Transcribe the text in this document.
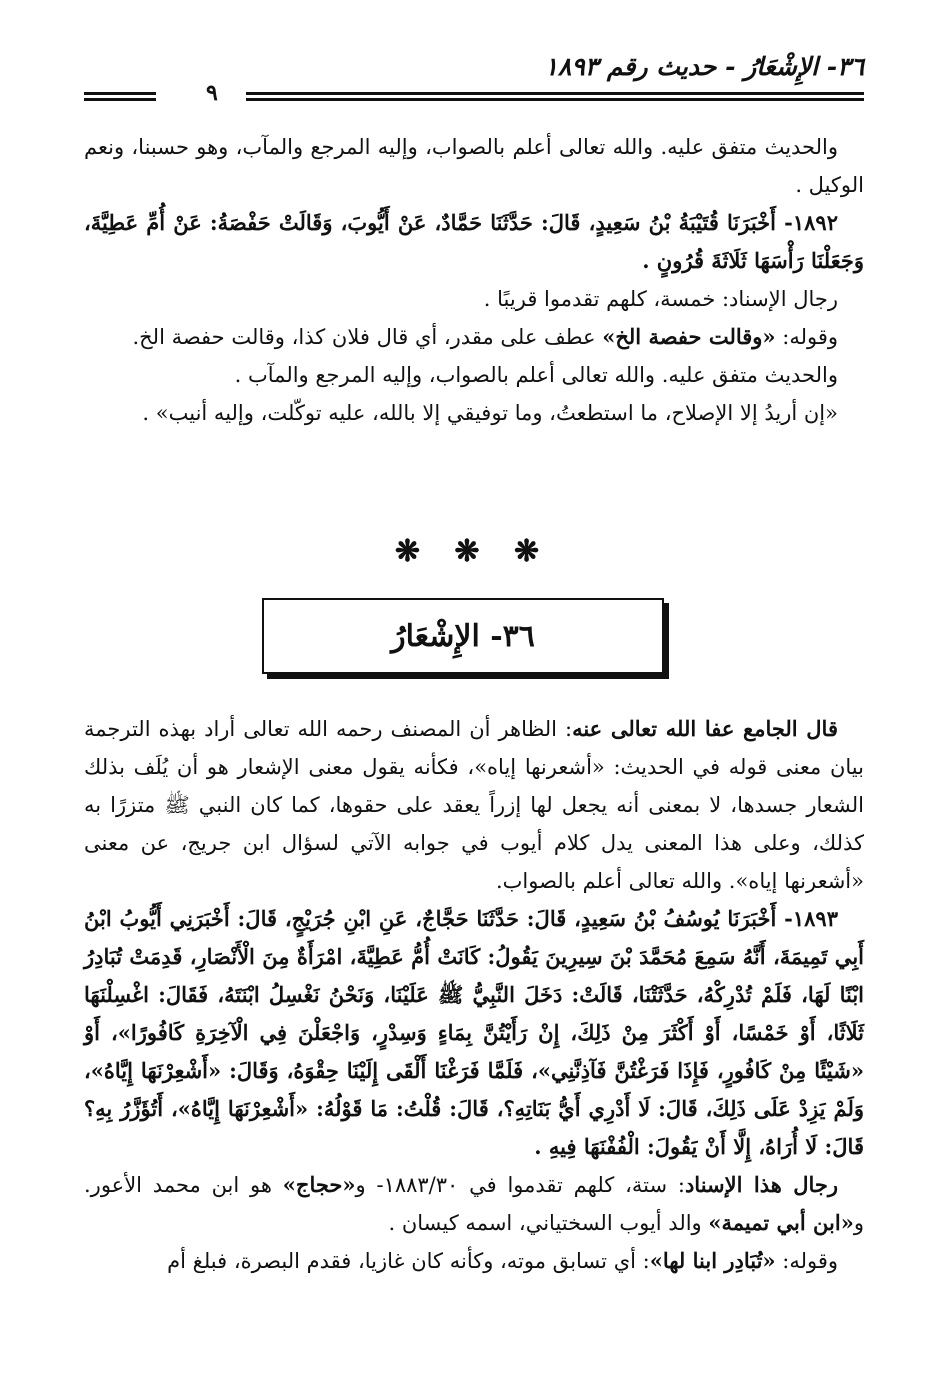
٣٦- الإِشْعَارُ - حديث رقم ١٨٩٣
٩

والحديث متفق عليه. والله تعالى أعلم بالصواب، وإليه المرجع والمآب، وهو حسبنا، ونعم الوكيل .

١٨٩٢- أَخْبَرَنَا قُتَيْبَةُ بْنُ سَعِيدٍ، قَالَ: حَدَّثَنَا حَمَّادٌ، عَنْ أَيُّوبَ، وَقَالَتْ حَفْصَةُ: عَنْ أُمِّ عَطِيَّةَ، وَجَعَلْنَا رَأْسَهَا ثَلَاثَةَ قُرُونٍ .

رجال الإسناد: خمسة، كلهم تقدموا قريبًا .

وقوله: «وقالت حفصة الخ» عطف على مقدر، أي قال فلان كذا، وقالت حفصة الخ.

والحديث متفق عليه. والله تعالى أعلم بالصواب، وإليه المرجع والمآب .

«إن أريدُ إلا الإصلاح، ما استطعتُ، وما توفيقي إلا بالله، عليه توكّلت، وإليه أنيب» .

❋ ❋ ❋
٣٦- الإِشْعَارُ

قال الجامع عفا الله تعالى عنه: الظاهر أن المصنف رحمه الله تعالى أراد بهذه الترجمة بيان معنى قوله في الحديث: «أشعرنها إياه»، فكأنه يقول معنى الإشعار هو أن يُلَف بذلك الشعار جسدها، لا بمعنى أنه يجعل لها إزراً يعقد على حقوها، كما كان النبي ﷺ متزرًا به كذلك، وعلى هذا المعنى يدل كلام أيوب في جوابه الآتي لسؤال ابن جريج، عن معنى «أشعرنها إياه». والله تعالى أعلم بالصواب.

١٨٩٣- أَخْبَرَنَا يُوسُفُ بْنُ سَعِيدٍ، قَالَ: حَدَّثَنَا حَجَّاجٌ، عَنِ ابْنِ جُرَيْجٍ، قَالَ: أَخْبَرَنِي أَيُّوبُ ابْنُ أَبِي تَمِيمَةَ، أَنَّهُ سَمِعَ مُحَمَّدَ بْنَ سِيرِينَ يَقُولُ: كَانَتْ أُمُّ عَطِيَّةَ، امْرَأَةٌ مِنَ الْأَنْصَارِ، قَدِمَتْ تُبَادِرُ ابْنًا لَهَا، فَلَمْ تُدْرِكْهُ، حَدَّثَتْنَا، قَالَتْ: دَخَلَ النَّبِيُّ ﷺ عَلَيْنَا، وَنَحْنُ نَغْسِلُ ابْنَتَهُ، فَقَالَ: اغْسِلْنَهَا ثَلَاثًا، أَوْ خَمْسًا، أَوْ أَكْثَرَ مِنْ ذَلِكَ، إِنْ رَأَيْتُنَّ بِمَاءٍ وَسِدْرٍ، وَاجْعَلْنَ فِي الْآخِرَةِ كَافُورًا»، أَوْ «شَيْئًا مِنْ كَافُورٍ، فَإِذَا فَرَغْتُنَّ فَآذِنَّنِي»، فَلَمَّا فَرَغْنَا أَلْقَى إِلَيْنَا حِقْوَهُ، وَقَالَ: «أَشْعِرْنَهَا إِيَّاهُ»، وَلَمْ يَزِدْ عَلَى ذَلِكَ، قَالَ: لَا أَدْرِي أَيُّ بَنَاتِهِ؟، قَالَ: قُلْتُ: مَا قَوْلُهُ: «أَشْعِرْنَهَا إِيَّاهُ»، أَتُؤَزَّرُ بِهِ؟ قَالَ: لَا أُرَاهُ، إِلَّا أَنْ يَقُولَ: الْفُفْنَهَا فِيهِ .

رجال هذا الإسناد: ستة، كلهم تقدموا في ١٨٨٣/٣٠- و«حجاج» هو ابن محمد الأعور. و«ابن أبي تميمة» والد أيوب السختياني، اسمه كيسان .

وقوله: «تُبَادِر ابنا لها»: أي تسابق موته، وكأنه كان غازيا، فقدم البصرة، فبلغ أم
